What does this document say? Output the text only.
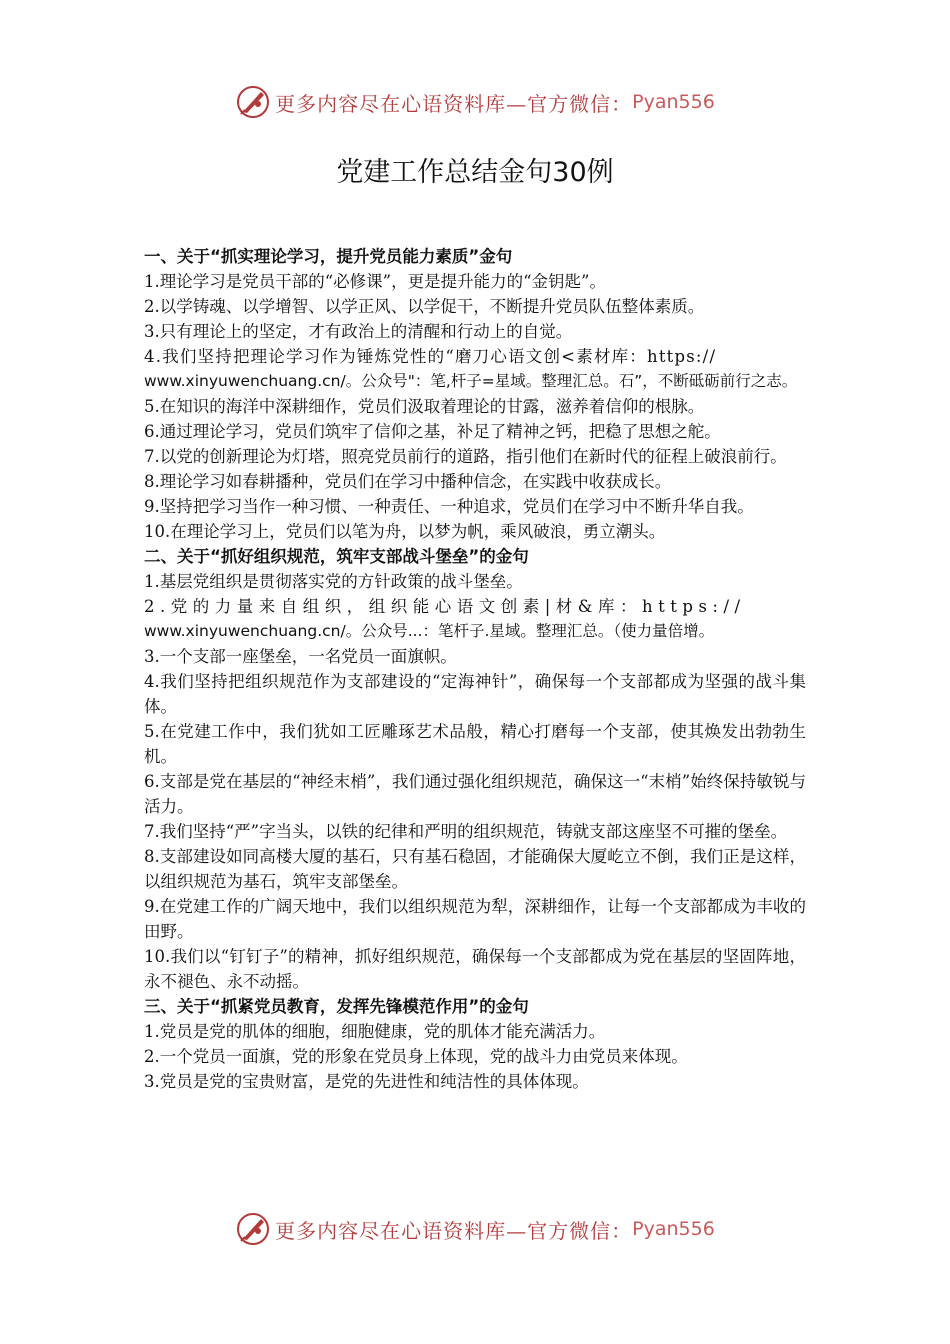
更多内容尽在心语资料库—官方微信： Pyan556
党建工作总结金句30例
一、关于“抓实理论学习，提升党员能力素质”金句
1.理论学习是党员干部的“必修课”，更是提升能力的“金钥匙”。
2.以学铸魂、以学增智、以学正风、以学促干，不断提升党员队伍整体素质。
3.只有理论上的坚定，才有政治上的清醒和行动上的自觉。
4.我们坚持把理论学习作为锤炼党性的“磨刀心语文创<素材库：https://
www.xinyuwenchuang.cn/。公众号"：笔,杆子=星域。整理汇总。石”，不断砥砺前行之志。
5.在知识的海洋中深耕细作，党员们汲取着理论的甘露，滋养着信仰的根脉。
6.通过理论学习，党员们筑牢了信仰之基，补足了精神之钙，把稳了思想之舵。
7.以党的创新理论为灯塔，照亮党员前行的道路，指引他们在新时代的征程上破浪前行。
8.理论学习如春耕播种，党员们在学习中播种信念，在实践中收获成长。
9.坚持把学习当作一种习惯、一种责任、一种追求，党员们在学习中不断升华自我。
10.在理论学习上，党员们以笔为舟，以梦为帆，乘风破浪，勇立潮头。
二、关于“抓好组织规范，筑牢支部战斗堡垒”的金句
1.基层党组织是贯彻落实党的方针政策的战斗堡垒。
2.党的力量来自组织，组织能心语文创素|材&库：https://
www.xinyuwenchuang.cn/。公众号...：笔杆子.星域。整理汇总。（使力量倍增。
3.一个支部一座堡垒，一名党员一面旗帜。
4.我们坚持把组织规范作为支部建设的“定海神针”，确保每一个支部都成为坚强的战斗集体。
5.在党建工作中，我们犹如工匠雕琢艺术品般，精心打磨每一个支部，使其焕发出勃勃生机。
6.支部是党在基层的“神经末梢”，我们通过强化组织规范，确保这一“末梢”始终保持敏锐与活力。
7.我们坚持“严”字当头，以铁的纪律和严明的组织规范，铸就支部这座坚不可摧的堡垒。
8.支部建设如同高楼大厦的基石，只有基石稳固，才能确保大厦屹立不倒，我们正是这样，以组织规范为基石，筑牢支部堡垒。
9.在党建工作的广阔天地中，我们以组织规范为犁，深耕细作，让每一个支部都成为丰收的田野。
10.我们以“钉钉子”的精神，抓好组织规范，确保每一个支部都成为党在基层的坚固阵地，永不褪色、永不动摇。
三、关于“抓紧党员教育，发挥先锋模范作用”的金句
1.党员是党的肌体的细胞，细胞健康，党的肌体才能充满活力。
2.一个党员一面旗，党的形象在党员身上体现，党的战斗力由党员来体现。
3.党员是党的宝贵财富，是党的先进性和纯洁性的具体体现。
更多内容尽在心语资料库—官方微信： Pyan556
